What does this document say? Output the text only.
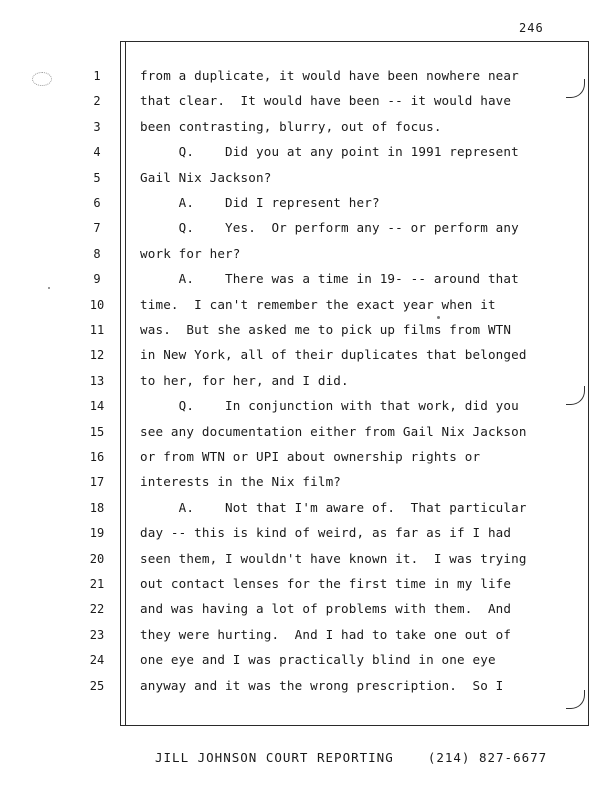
246
1	from a duplicate, it would have been nowhere near
2	that clear.  It would have been -- it would have
3	been contrasting, blurry, out of focus.
4	Q.    Did you at any point in 1991 represent
5	Gail Nix Jackson?
6	A.    Did I represent her?
7	Q.    Yes.  Or perform any -- or perform any
8	work for her?
9	A.    There was a time in 19- -- around that
10	time.  I can't remember the exact year when it
11	was.  But she asked me to pick up films from WTN
12	in New York, all of their duplicates that belonged
13	to her, for her, and I did.
14	Q.    In conjunction with that work, did you
15	see any documentation either from Gail Nix Jackson
16	or from WTN or UPI about ownership rights or
17	interests in the Nix film?
18	A.    Not that I'm aware of.  That particular
19	day -- this is kind of weird, as far as if I had
20	seen them, I wouldn't have known it.  I was trying
21	out contact lenses for the first time in my life
22	and was having a lot of problems with them.  And
23	they were hurting.  And I had to take one out of
24	one eye and I was practically blind in one eye
25	anyway and it was the wrong prescription.  So I
JILL JOHNSON COURT REPORTING	(214) 827-6677
